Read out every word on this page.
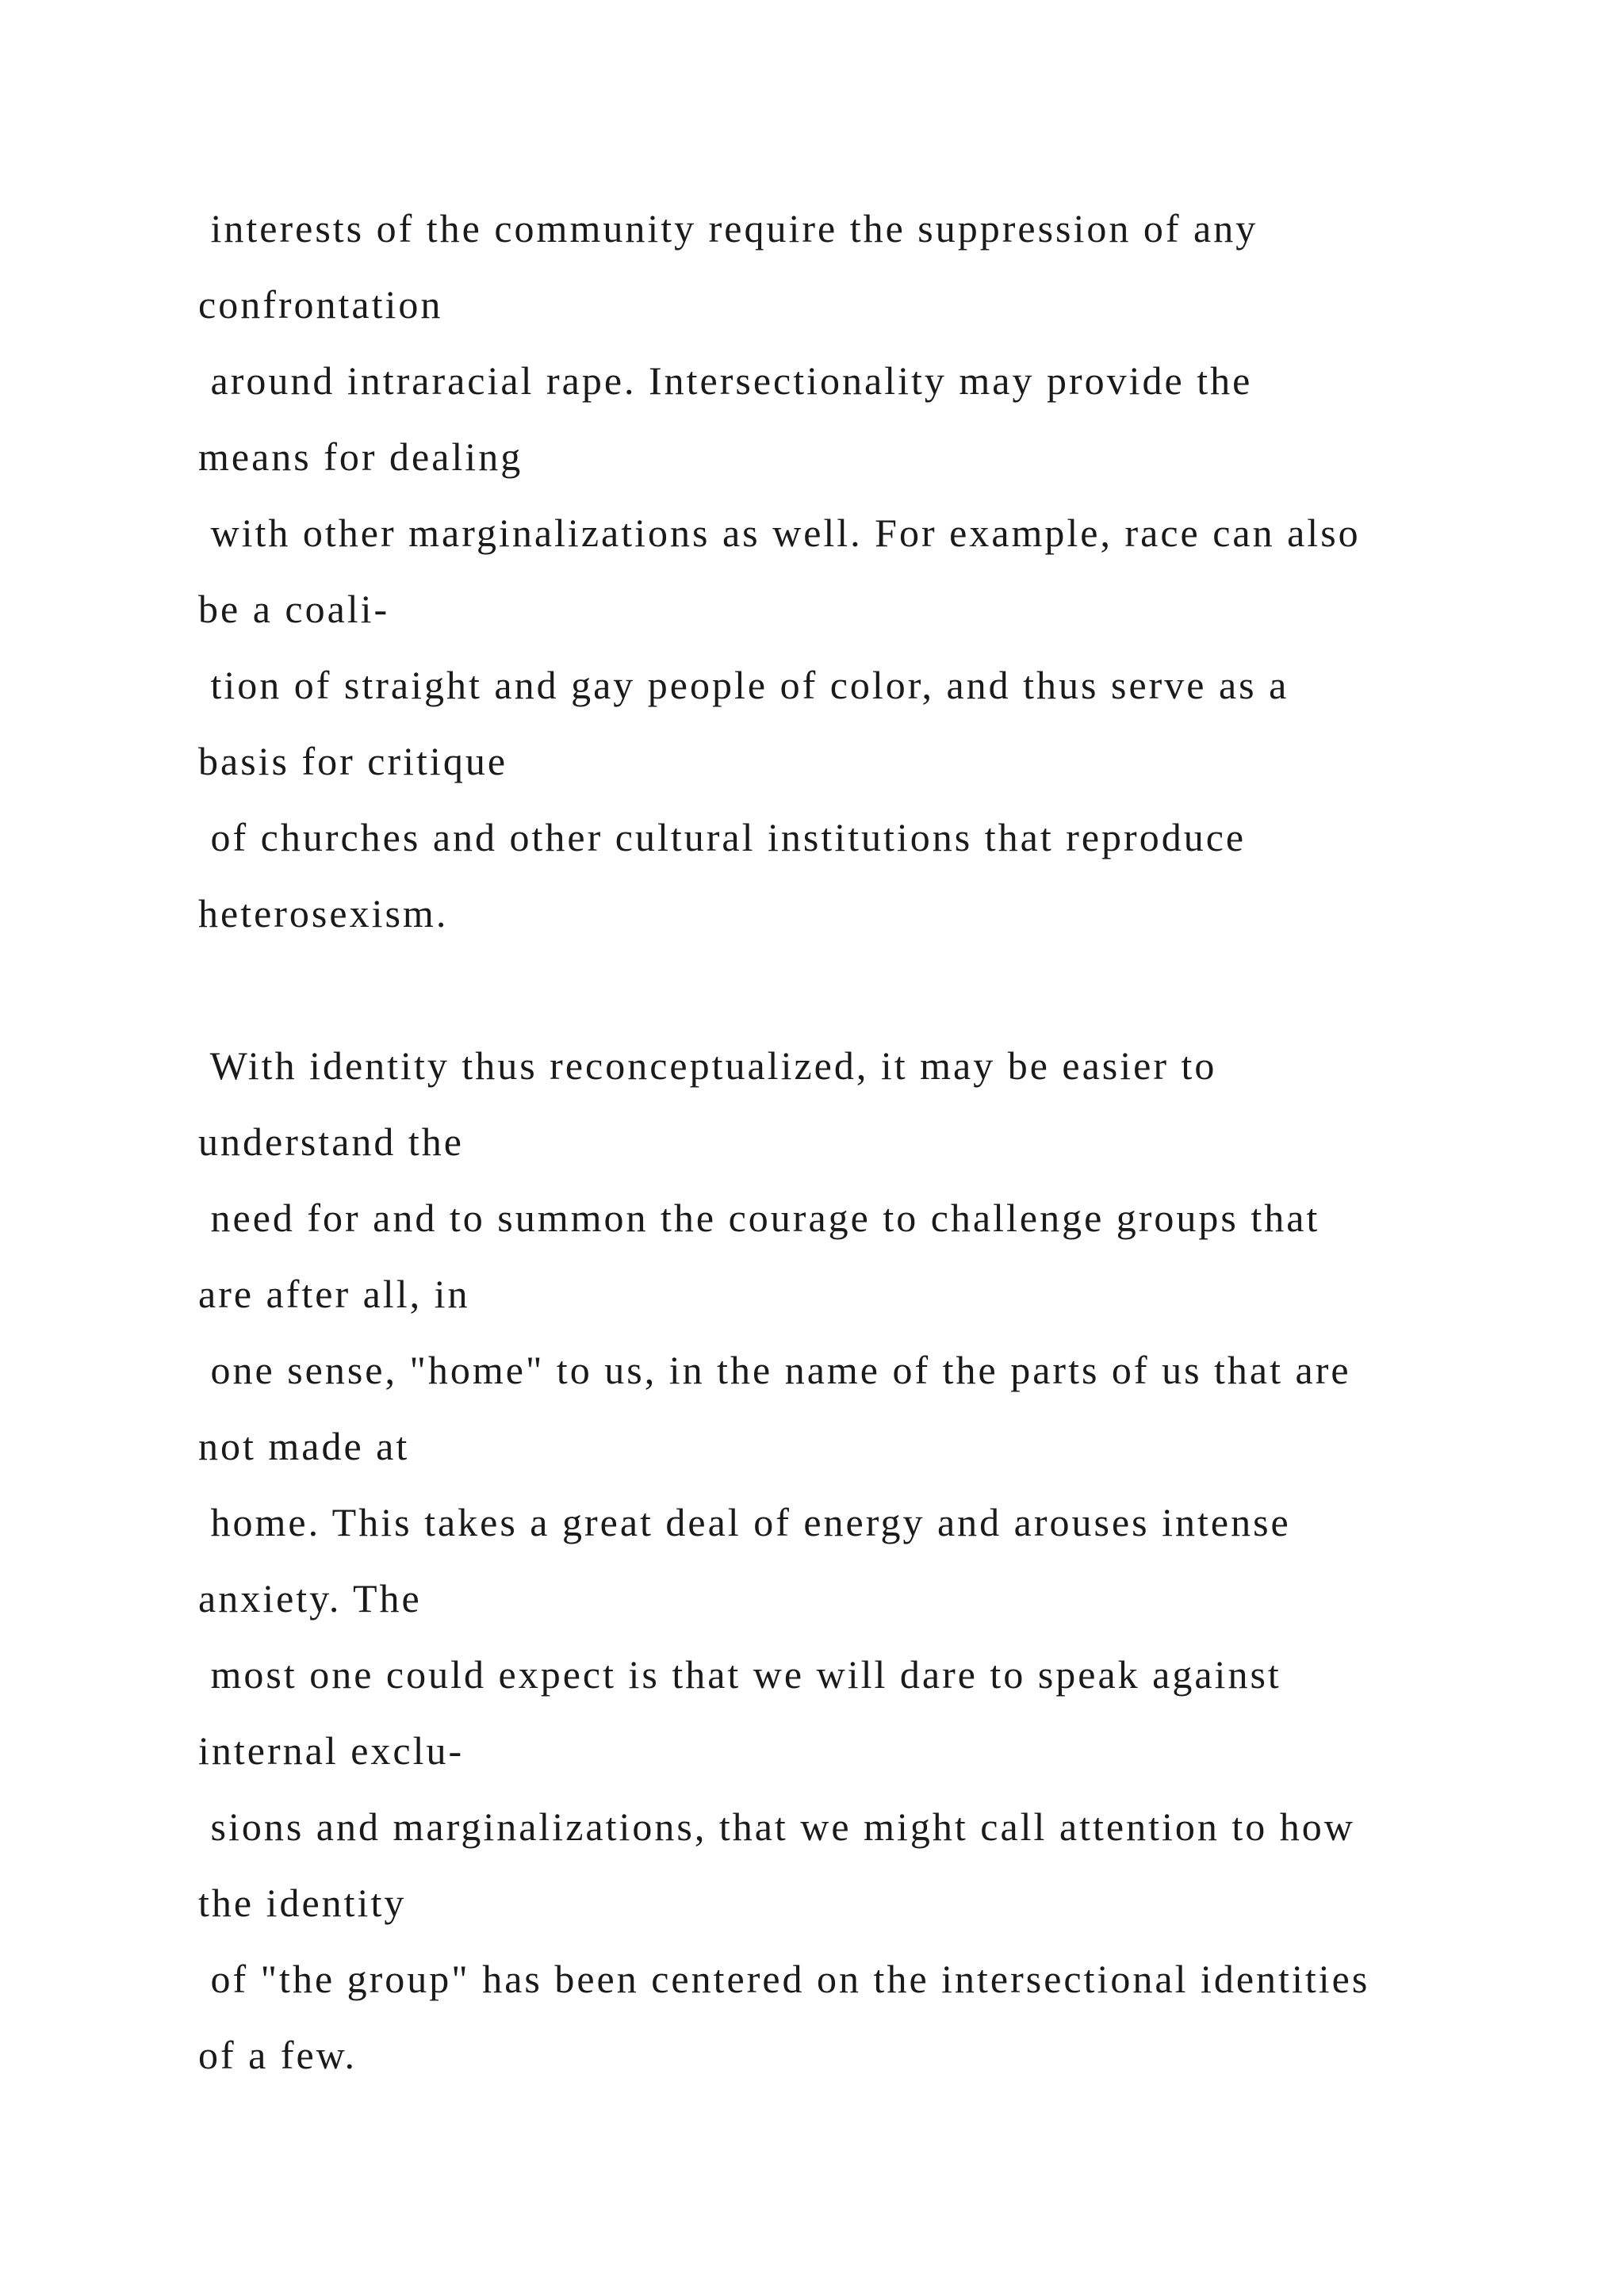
interests of the community require the suppression of any
confrontation
around intraracial rape. Intersectionality may provide the
means for dealing
with other marginalizations as well. For example, race can also
be a coali-
tion of straight and gay people of color, and thus serve as a
basis for critique
of churches and other cultural institutions that reproduce
heterosexism.
With identity thus reconceptualized, it may be easier to
understand the
need for and to summon the courage to challenge groups that
are after all, in
one sense, "home" to us, in the name of the parts of us that are
not made at
home. This takes a great deal of energy and arouses intense
anxiety. The
most one could expect is that we will dare to speak against
internal exclu-
sions and marginalizations, that we might call attention to how
the identity
of "the group" has been centered on the intersectional identities
of a few.
